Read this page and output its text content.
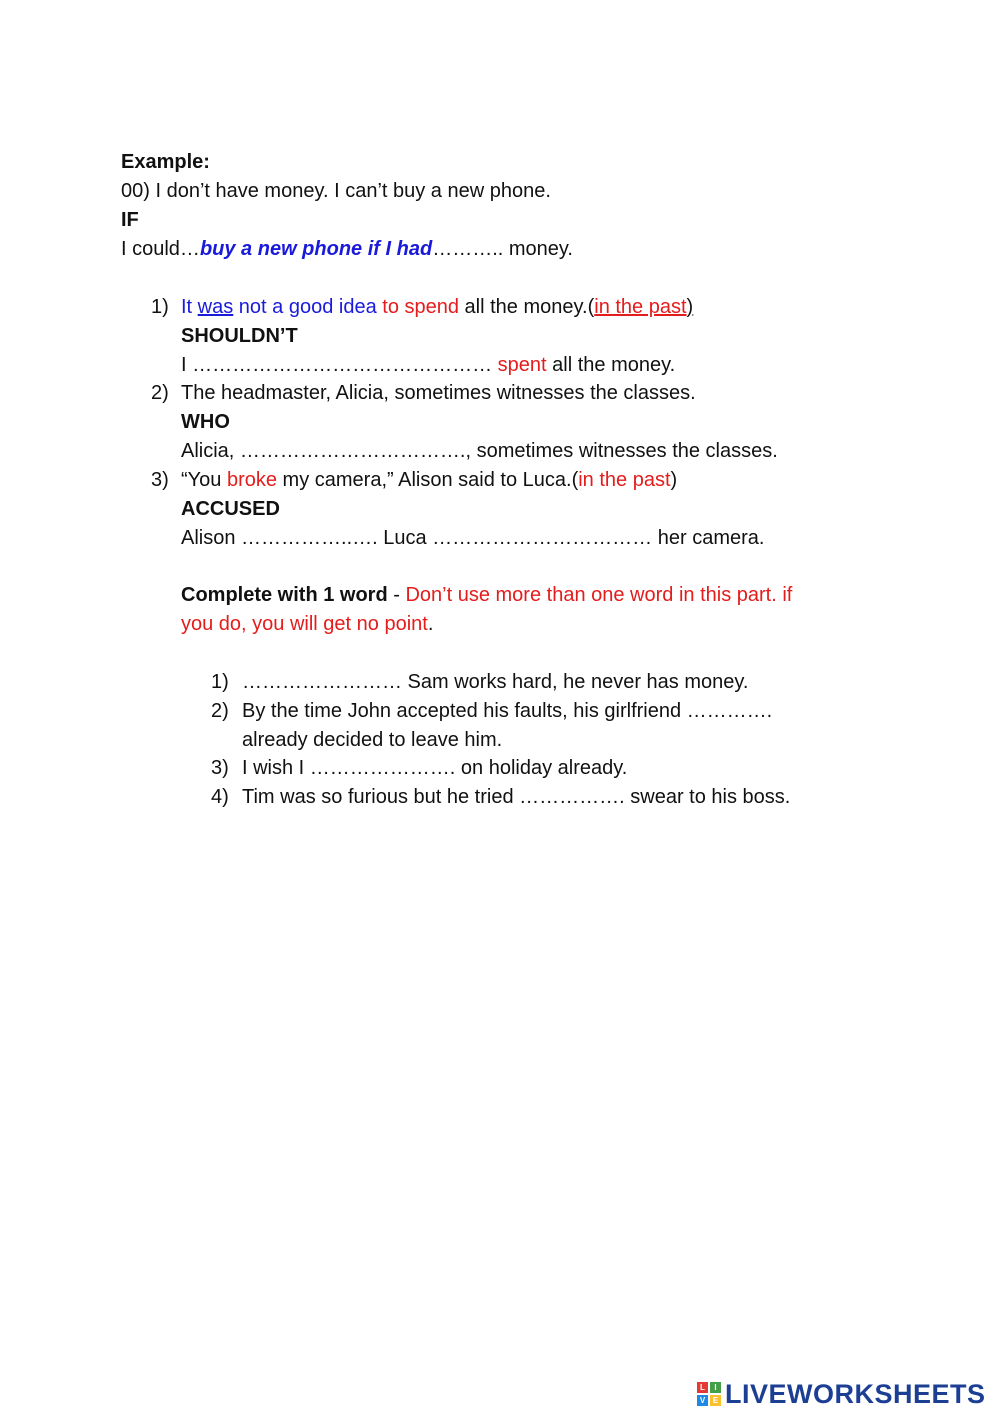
Example:
00) I don’t have money. I can’t buy a new phone.
IF
I could…buy a new phone if I had……….. money.
1) It was not a good idea to spend all the money.(in the past)
SHOULDN’T
I ……………………………………… spent all the money.
2) The headmaster, Alicia, sometimes witnesses the classes.
WHO
Alicia, ……………………………., sometimes witnesses the classes.
3) “You broke my camera,” Alison said to Luca.(in the past)
ACCUSED
Alison ……………..…. Luca …………………………… her camera.
Complete with 1 word - Don’t use more than one word in this part. if
you do, you will get no point.
1) …………………… Sam works hard, he never has money.
2) By the time John accepted his faults, his girlfriend ………….
already decided to leave him.
3) I wish I …………………. on holiday already.
4) Tim was so furious but he tried ……………. swear to his boss.
L	I
V E LIVEWORKSHEETS
